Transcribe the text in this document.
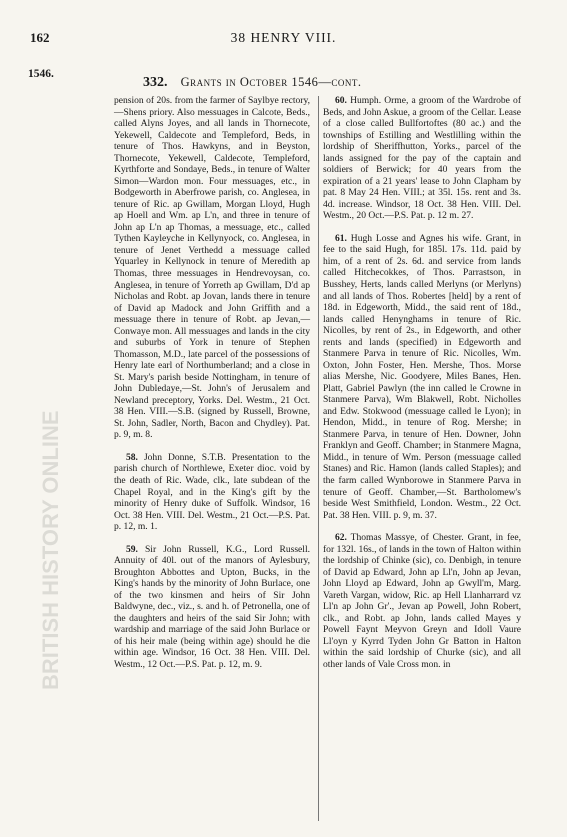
162	38 HENRY VIII.
1546.
332. Grants in October 1546—cont.
BRITISH HISTORY ONLINE

pension of 20s. from the farmer of Saylbye rectory,—Shens priory. Also messuages in Calcote, Beds., called Alyns Joyes, and all lands in Thornecote, Yekewell, Caldecote and Templeford, Beds, in tenure of Thos. Hawkyns, and in Beyston, Thornecote, Yekewell, Caldecote, Templeford, Kyrthforte and Sondaye, Beds., in tenure of Walter Simon—Wardon mon. Four messuages, etc., in Bodgeworth in Aberfrowe parish, co. Anglesea, in tenure of Ric. ap Gwillam, Morgan Lloyd, Hugh ap Hoell and Wm. ap L'n, and three in tenure of John ap L'n ap Thomas, a messuage, etc., called Tythen Kayleyche in Kellynyock, co. Anglesea, in tenure of Jenet Verthedd a messuage called Yquarley in Kellynock in tenure of Meredith ap Thomas, three messuages in Hendrevoysan, co. Anglesea, in tenure of Yorreth ap Gwillam, D'd ap Nicholas and Robt. ap Jovan, lands there in tenure of David ap Madock and John Griffith and a messuage there in tenure of Robt. ap Jevan,—Conwaye mon. All messuages and lands in the city and suburbs of York in tenure of Stephen Thomasson, M.D., late parcel of the possessions of Henry late earl of Northumberland; and a close in St. Mary's parish beside Nottingham, in tenure of John Dubledaye,—St. John's of Jerusalem and Newland preceptory, Yorks. Del. Westm., 21 Oct. 38 Hen. VIII.—S.B. (signed by Russell, Browne, St. John, Sadler, North, Bacon and Chydley). Pat. p. 9, m. 8.

58. John Donne, S.T.B. Presentation to the parish church of Northlewe, Exeter dioc. void by the death of Ric. Wade, clk., late subdean of the Chapel Royal, and in the King's gift by the minority of Henry duke of Suffolk. Windsor, 16 Oct. 38 Hen. VIII. Del. Westm., 21 Oct.—P.S. Pat. p. 12, m. 1.

59. Sir John Russell, K.G., Lord Russell. Annuity of 40l. out of the manors of Aylesbury, Broughton Abbottes and Upton, Bucks, in the King's hands by the minority of John Burlace, one of the two kinsmen and heirs of Sir John Baldwyne, dec., viz., s. and h. of Petronella, one of the daughters and heirs of the said Sir John; with wardship and marriage of the said John Burlace or of his heir male (being within age) should he die within age. Windsor, 16 Oct. 38 Hen. VIII. Del. Westm., 12 Oct.—P.S. Pat. p. 12, m. 9.

60. Humph. Orme, a groom of the Wardrobe of Beds, and John Askue, a groom of the Cellar. Lease of a close called Bullfortoftes (80 ac.) and the townships of Estilling and Westlilling within the lordship of Sheriffhutton, Yorks., parcel of the lands assigned for the pay of the captain and soldiers of Berwick; for 40 years from the expiration of a 21 years' lease to John Clapham by pat. 8 May 24 Hen. VIII.; at 35l. 15s. rent and 3s. 4d. increase. Windsor, 18 Oct. 38 Hen. VIII. Del. Westm., 20 Oct.—P.S. Pat. p. 12 m. 27.

61. Hugh Losse and Agnes his wife. Grant, in fee to the said Hugh, for 185l. 17s. 11d. paid by him, of a rent of 2s. 6d. and service from lands called Hitchecokkes, of Thos. Parrastson, in Busshey, Herts, lands called Merlyns (or Merlyns) and all lands of Thos. Robertes [held] by a rent of 18d. in Edgeworth, Midd., the said rent of 18d., lands called Henynghams in tenure of Ric. Nicolles, by rent of 2s., in Edgeworth, and other rents and lands (specified) in Edgeworth and Stanmere Parva in tenure of Ric. Nicolles, Wm. Oxton, John Foster, Hen. Mershe, Thos. Morse alias Mershe, Nic. Goodyere, Miles Banes, Hen. Platt, Gabriel Pawlyn (the inn called le Crowne in Stanmere Parva), Wm Blakwell, Robt. Nicholles and Edw. Stokwood (messuage called le Lyon); in Hendon, Midd., in tenure of Rog. Mershe; in Stanmere Parva, in tenure of Hen. Downer, John Franklyn and Geoff. Chamber; in Stanmere Magna, Midd., in tenure of Wm. Person (messuage called Stanes) and Ric. Hamon (lands called Staples); and the farm called Wynborowe in Stanmere Parva in tenure of Geoff. Chamber,—St. Bartholomew's beside West Smithfield, London. Westm., 22 Oct. Pat. 38 Hen. VIII. p. 9, m. 37.

62. Thomas Massye, of Chester. Grant, in fee, for 132l. 16s., of lands in the town of Halton within the lordship of Chinke (sic), co. Denbigh, in tenure of David ap Edward, John ap Ll'n, John ap Jevan, John Lloyd ap Edward, John ap Gwyll'm, Marg. Vareth Vargan, widow, Ric. ap Hell Llanharrard vz Ll'n ap John Gr'., Jevan ap Powell, John Robert, clk., and Robt. ap John, lands called Mayes y Powell Faynt Meyvon Greyn and Idoll Vaure Ll'oyn y Kyrrd Tyden John Gr Batton in Halton within the said lordship of Churke (sic), and all other lands of Vale Cross mon. in
